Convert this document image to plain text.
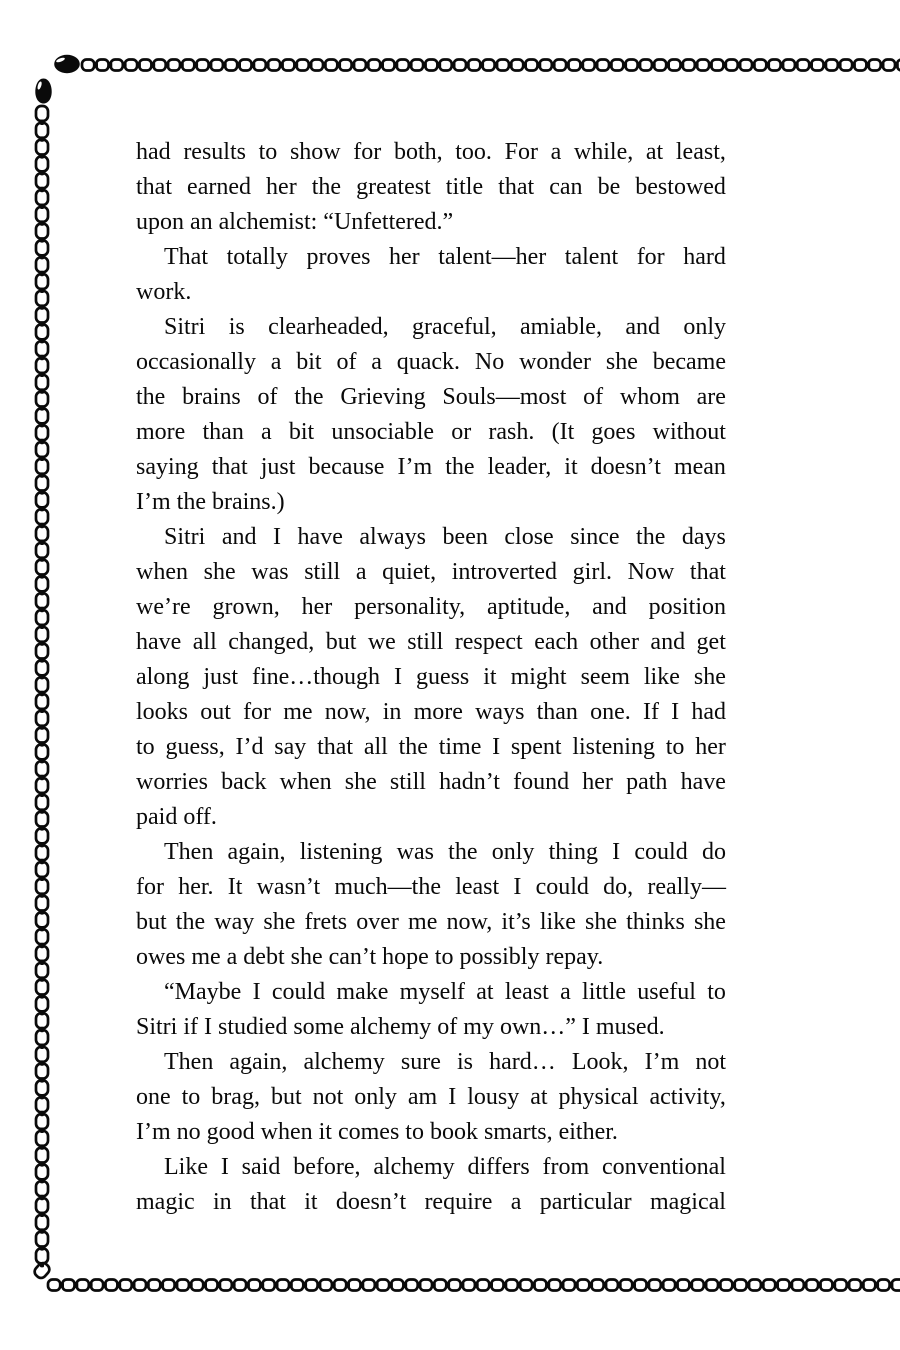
had results to show for both, too. For a while, at least,
that earned her the greatest title that can be bestowed
upon an alchemist: “Unfettered.”
That totally proves her talent—her talent for hard
work.
Sitri is clearheaded, graceful, amiable, and only
occasionally a bit of a quack. No wonder she became
the brains of the Grieving Souls—most of whom are
more than a bit unsociable or rash. (It goes without
saying that just because I’m the leader, it doesn’t mean
I’m the brains.)
Sitri and I have always been close since the days
when she was still a quiet, introverted girl. Now that
we’re grown, her personality, aptitude, and position
have all changed, but we still respect each other and get
along just fine…though I guess it might seem like she
looks out for me now, in more ways than one. If I had
to guess, I’d say that all the time I spent listening to her
worries back when she still hadn’t found her path have
paid off.
Then again, listening was the only thing I could do
for her. It wasn’t much—the least I could do, really—
but the way she frets over me now, it’s like she thinks she
owes me a debt she can’t hope to possibly repay.
“Maybe I could make myself at least a little useful to
Sitri if I studied some alchemy of my own…” I mused.
Then again, alchemy sure is hard… Look, I’m not
one to brag, but not only am I lousy at physical activity,
I’m no good when it comes to book smarts, either.
Like I said before, alchemy differs from conventional
magic in that it doesn’t require a particular magical
